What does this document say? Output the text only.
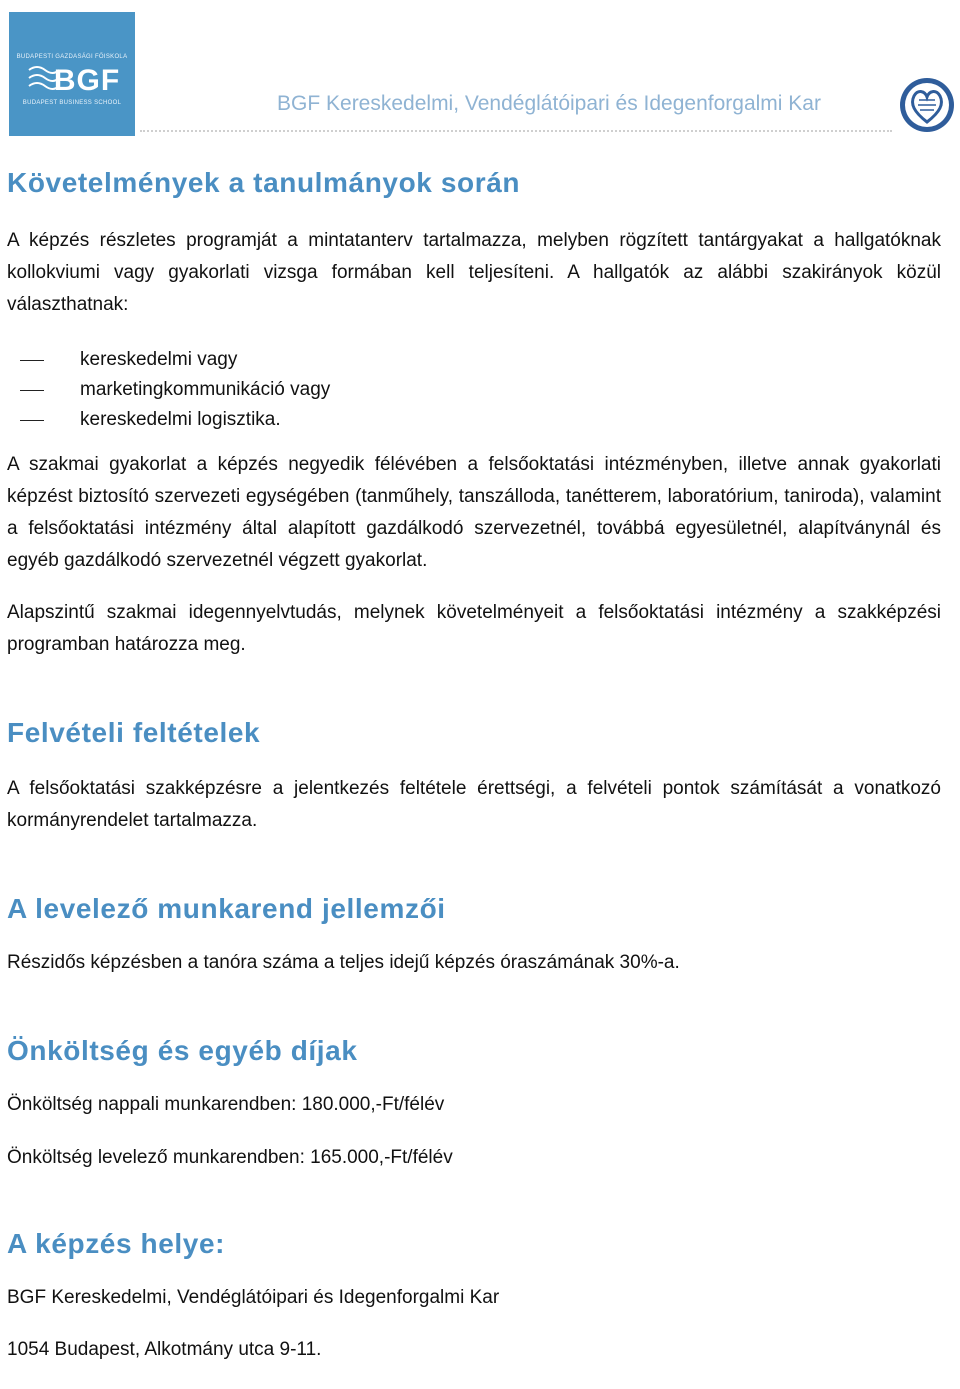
BUDAPESTI GAZDASÁGI FŐISKOLA
BGF
BUDAPEST BUSINESS SCHOOL	BGF Kereskedelmi, Vendéglátóipari és Idegenforgalmi Kar
Követelmények a tanulmányok során

A képzés részletes programját a mintatanterv tartalmazza, melyben rögzített tantárgyakat a hallgatóknak kollokviumi vagy gyakorlati vizsga formában kell teljesíteni. A hallgatók az alábbi szakirányok közül választhatnak:

kereskedelmi vagy
marketingkommunikáció vagy
kereskedelmi logisztika.

A szakmai gyakorlat a képzés negyedik félévében a felsőoktatási intézményben, illetve annak gyakorlati képzést biztosító szervezeti egységében (tanműhely, tanszálloda, tanétterem, laboratórium, taniroda), valamint a felsőoktatási intézmény által alapított gazdálkodó szervezetnél, továbbá egyesületnél, alapítványnál és egyéb gazdálkodó szervezetnél végzett gyakorlat.

Alapszintű szakmai idegennyelvtudás, melynek követelményeit a felsőoktatási intézmény a szakképzési programban határozza meg.

Felvételi feltételek

A felsőoktatási szakképzésre a jelentkezés feltétele érettségi, a felvételi pontok számítását a vonatkozó kormányrendelet tartalmazza.

A levelező munkarend jellemzői

Részidős képzésben a tanóra száma a teljes idejű képzés óraszámának 30%-a.

Önköltség és egyéb díjak

Önköltség nappali munkarendben: 180.000,-Ft/félév

Önköltség levelező munkarendben: 165.000,-Ft/félév

A képzés helye:

BGF Kereskedelmi, Vendéglátóipari és Idegenforgalmi Kar

1054 Budapest, Alkotmány utca 9-11.
